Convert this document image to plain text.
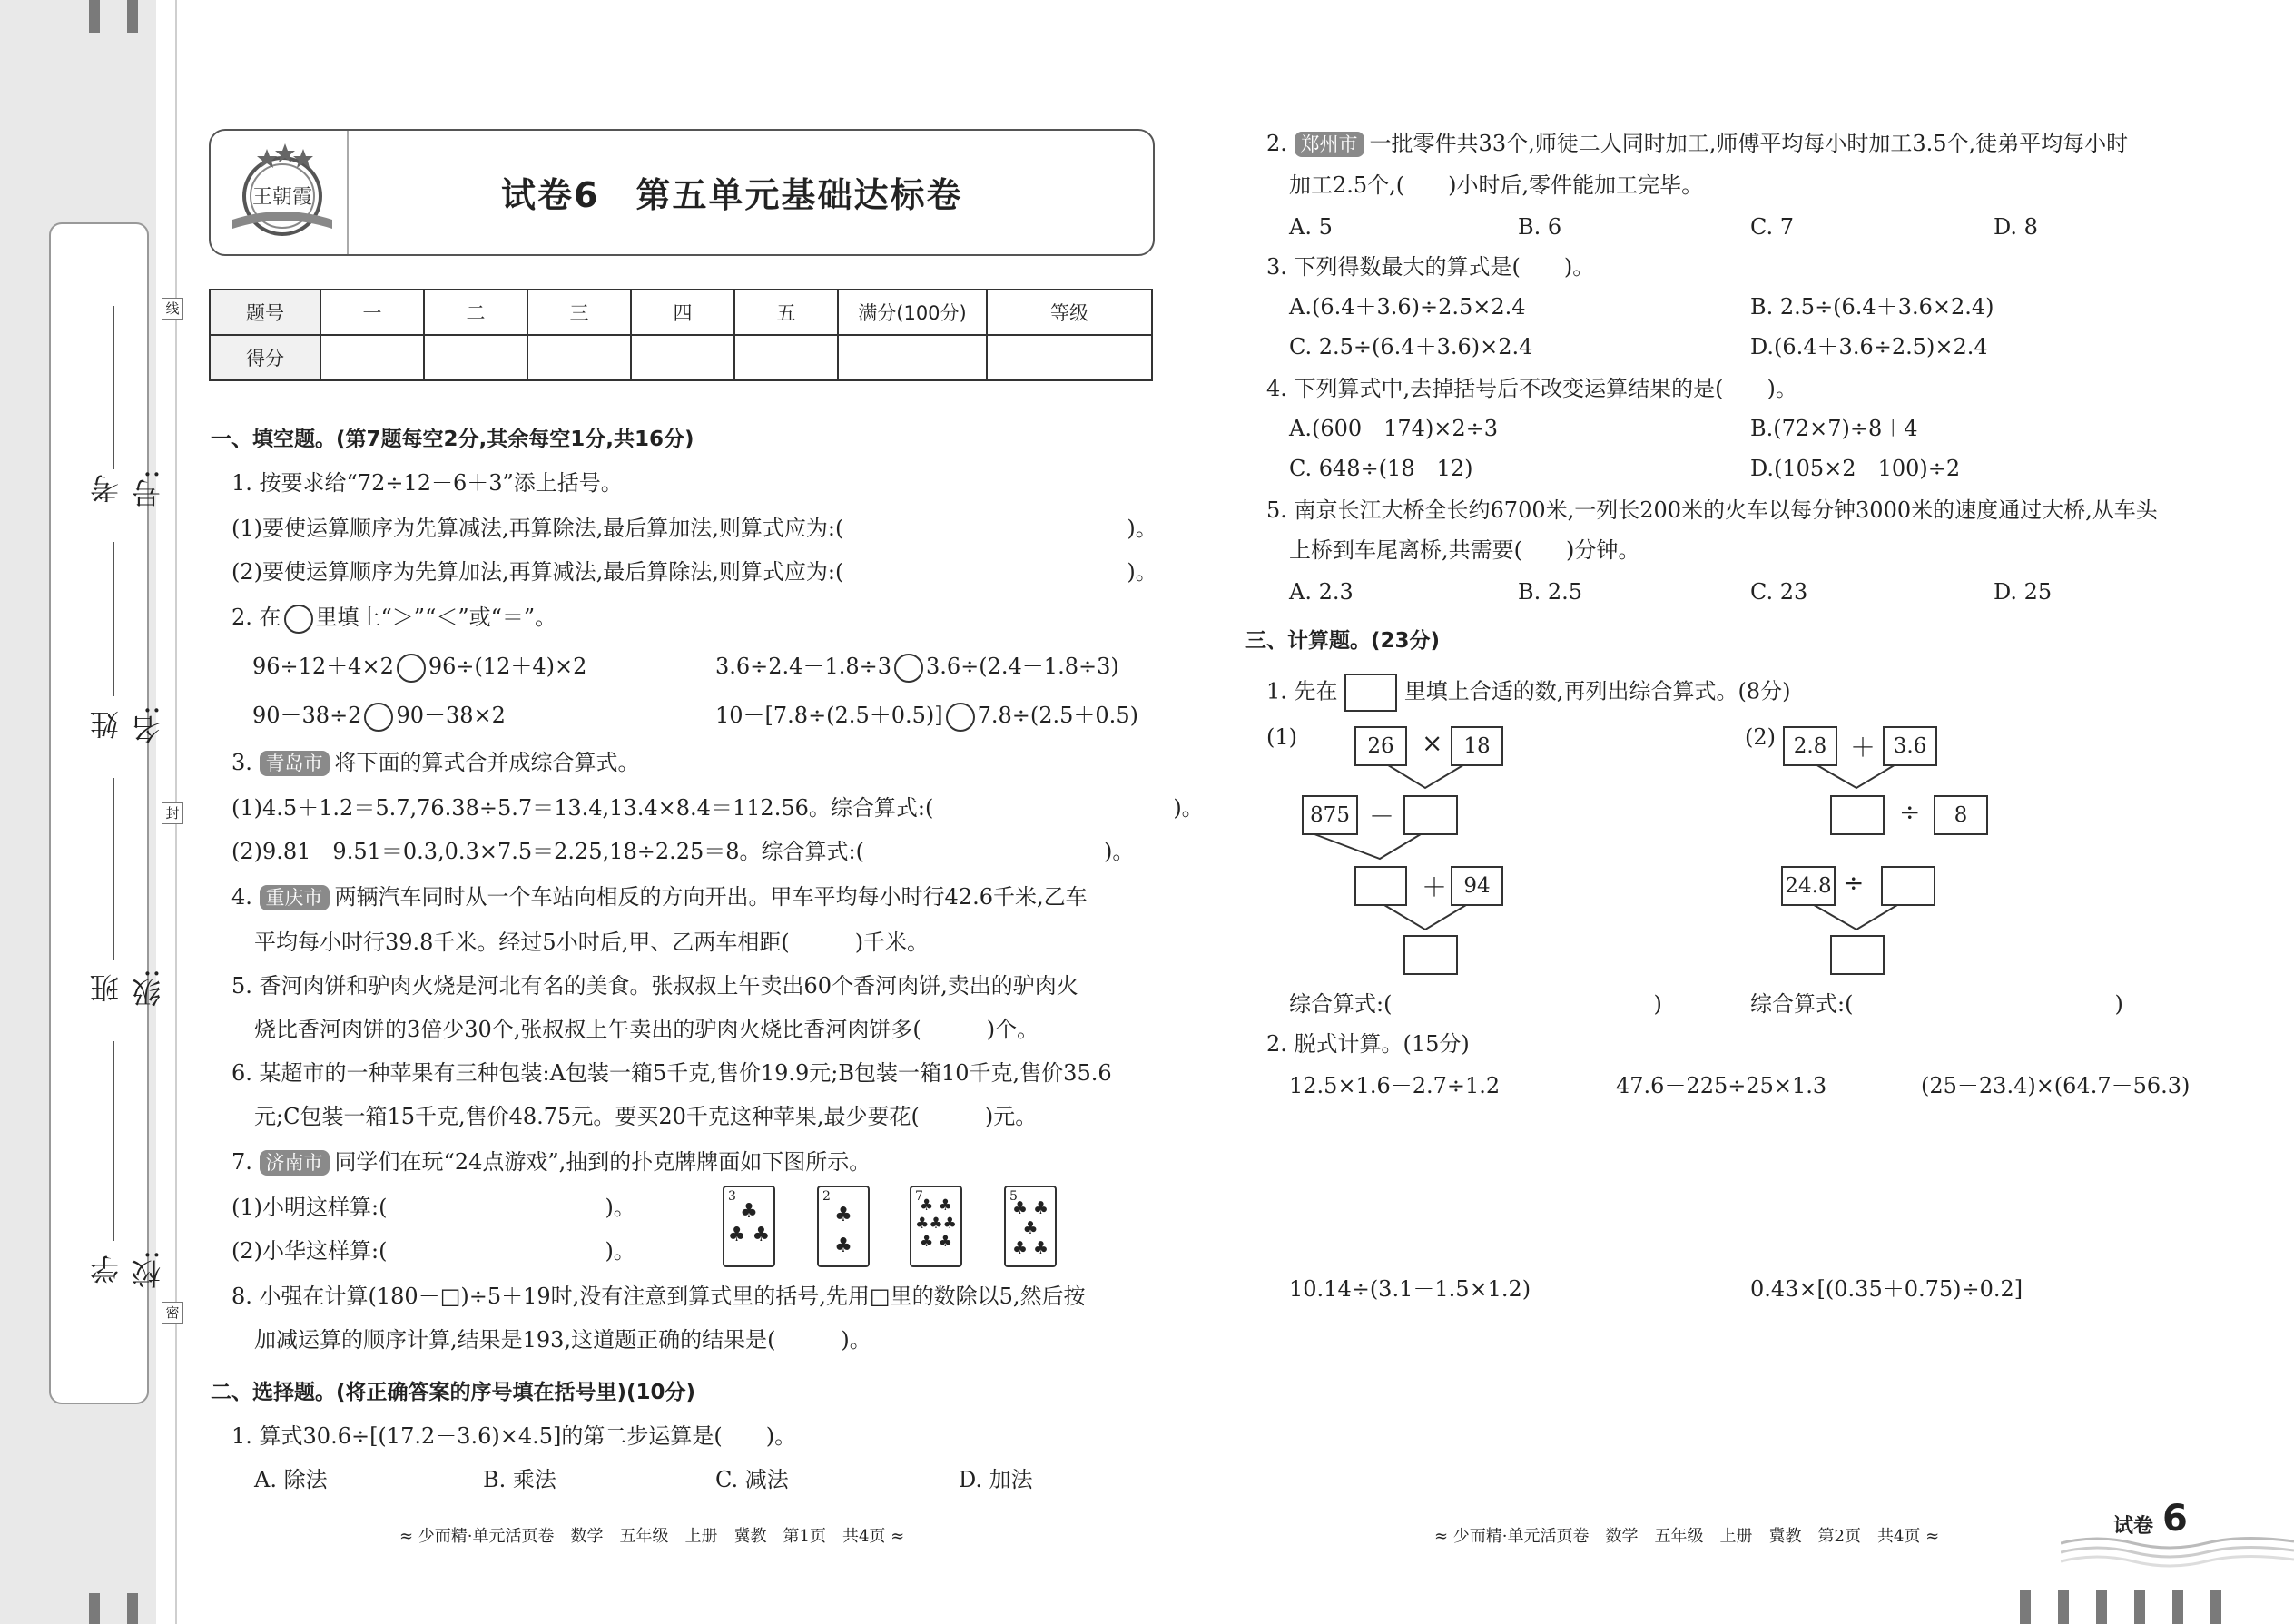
考号:
姓名:
班级:
学校:
线
封
密
王朝霞	试卷6　第五单元基础达标卷
题号	一	二	三	四	五	满分(100分)	等级
得分							
一、填空题。(第7题每空2分,其余每空1分,共16分)
1. 按要求给“72÷12－6＋3”添上括号。
(1)要使运算顺序为先算减法,再算除法,最后算加法,则算式应为:(　　　　　　　　　　　　　)。
(2)要使运算顺序为先算加法,再算减法,最后算除法,则算式应为:(　　　　　　　　　　　　　)。
2. 在 里填上“＞”“＜”或“＝”。
96÷12＋4×2 96÷(12＋4)×2	3.6÷2.4－1.8÷3 3.6÷(2.4－1.8÷3)
90－38÷2 90－38×2	10－[7.8÷(2.5＋0.5)] 7.8÷(2.5＋0.5)
3. 青岛市 将下面的算式合并成综合算式。
(1)4.5＋1.2＝5.7,76.38÷5.7＝13.4,13.4×8.4＝112.56。综合算式:(　　　　　　　　　　　)。
(2)9.81－9.51＝0.3,0.3×7.5＝2.25,18÷2.25＝8。综合算式:(　　　　　　　　　　　)。
4. 重庆市 两辆汽车同时从一个车站向相反的方向开出。甲车平均每小时行42.6千米,乙车
平均每小时行39.8千米。经过5小时后,甲、乙两车相距(　　　)千米。
5. 香河肉饼和驴肉火烧是河北有名的美食。张叔叔上午卖出60个香河肉饼,卖出的驴肉火
烧比香河肉饼的3倍少30个,张叔叔上午卖出的驴肉火烧比香河肉饼多(　　　)个。
6. 某超市的一种苹果有三种包装:A包装一箱5千克,售价19.9元;B包装一箱10千克,售价35.6
元;C包装一箱15千克,售价48.75元。要买20千克这种苹果,最少要花(　　　)元。
7. 济南市 同学们在玩“24点游戏”,抽到的扑克牌牌面如下图所示。
(1)小明这样算:(　　　　　　　　　　)。
(2)小华这样算:(　　　　　　　　　　)。
3
♣
♣ ♣
2
♣
♣
7
♣ ♣
♣♣♣
♣ ♣
5
♣ ♣
♣
♣ ♣
8. 小强在计算(180－□)÷5＋19时,没有注意到算式里的括号,先用□里的数除以5,然后按
加减运算的顺序计算,结果是193,这道题正确的结果是(　　　)。
二、选择题。(将正确答案的序号填在括号里)(10分)
1. 算式30.6÷[(17.2－3.6)×4.5]的第二步运算是(　　)。
A. 除法	B. 乘法	C. 减法	D. 加法
≈ 少而精·单元活页卷　数学　五年级　上册　冀教　第1页　共4页 ≈
2. 郑州市 一批零件共33个,师徒二人同时加工,师傅平均每小时加工3.5个,徒弟平均每小时
加工2.5个,(　　)小时后,零件能加工完毕。
A. 5	B. 6	C. 7	D. 8
3. 下列得数最大的算式是(　　)。
A.(6.4＋3.6)÷2.5×2.4	B. 2.5÷(6.4＋3.6×2.4)
C. 2.5÷(6.4＋3.6)×2.4	D.(6.4＋3.6÷2.5)×2.4
4. 下列算式中,去掉括号后不改变运算结果的是(　　)。
A.(600－174)×2÷3	B.(72×7)÷8＋4
C. 648÷(18－12)	D.(105×2－100)÷2
5. 南京长江大桥全长约6700米,一列长200米的火车以每分钟3000米的速度通过大桥,从车头
上桥到车尾离桥,共需要(　　)分钟。
A. 2.3	B. 2.5	C. 23	D. 25
三、计算题。(23分)
1. 先在	里填上合适的数,再列出综合算式。(8分)
(1)	26	× 18
875 －
＋ 94
(2) 2.8 ＋ 3.6
÷	8
24.8 ÷
综合算式:(　　　　　　　　　　　　)	综合算式:(　　　　　　　　　　　　)
2. 脱式计算。(15分)
12.5×1.6－2.7÷1.2	47.6－225÷25×1.3	(25－23.4)×(64.7－56.3)
10.14÷(3.1－1.5×1.2)	0.43×[(0.35＋0.75)÷0.2]
≈ 少而精·单元活页卷　数学　五年级　上册　冀教　第2页　共4页 ≈	试卷 6
